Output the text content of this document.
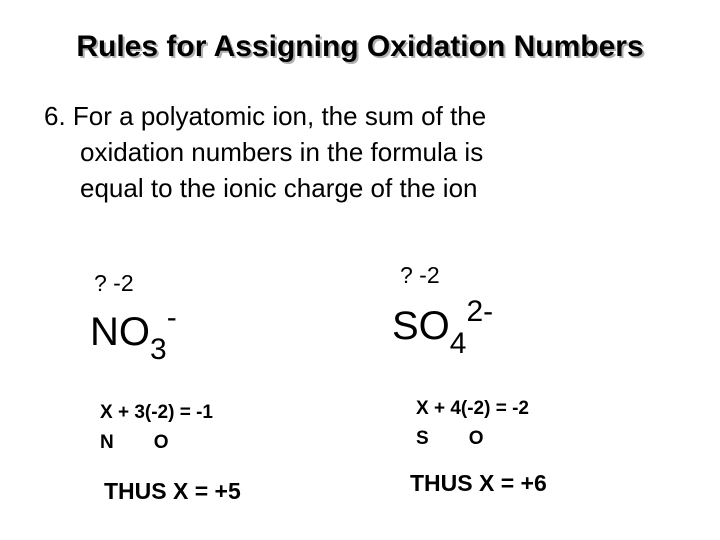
Rules for Assigning Oxidation Numbers
6. For a polyatomic ion, the sum of the
oxidation numbers in the formula is
equal to the ionic charge of the ion
? -2
$NO_3^-$
X + 3(-2) = -1
N O
THUS X = +5
? -2
$SO_4^{2-}$
X + 4(-2) = -2
S O
THUS X = +6
